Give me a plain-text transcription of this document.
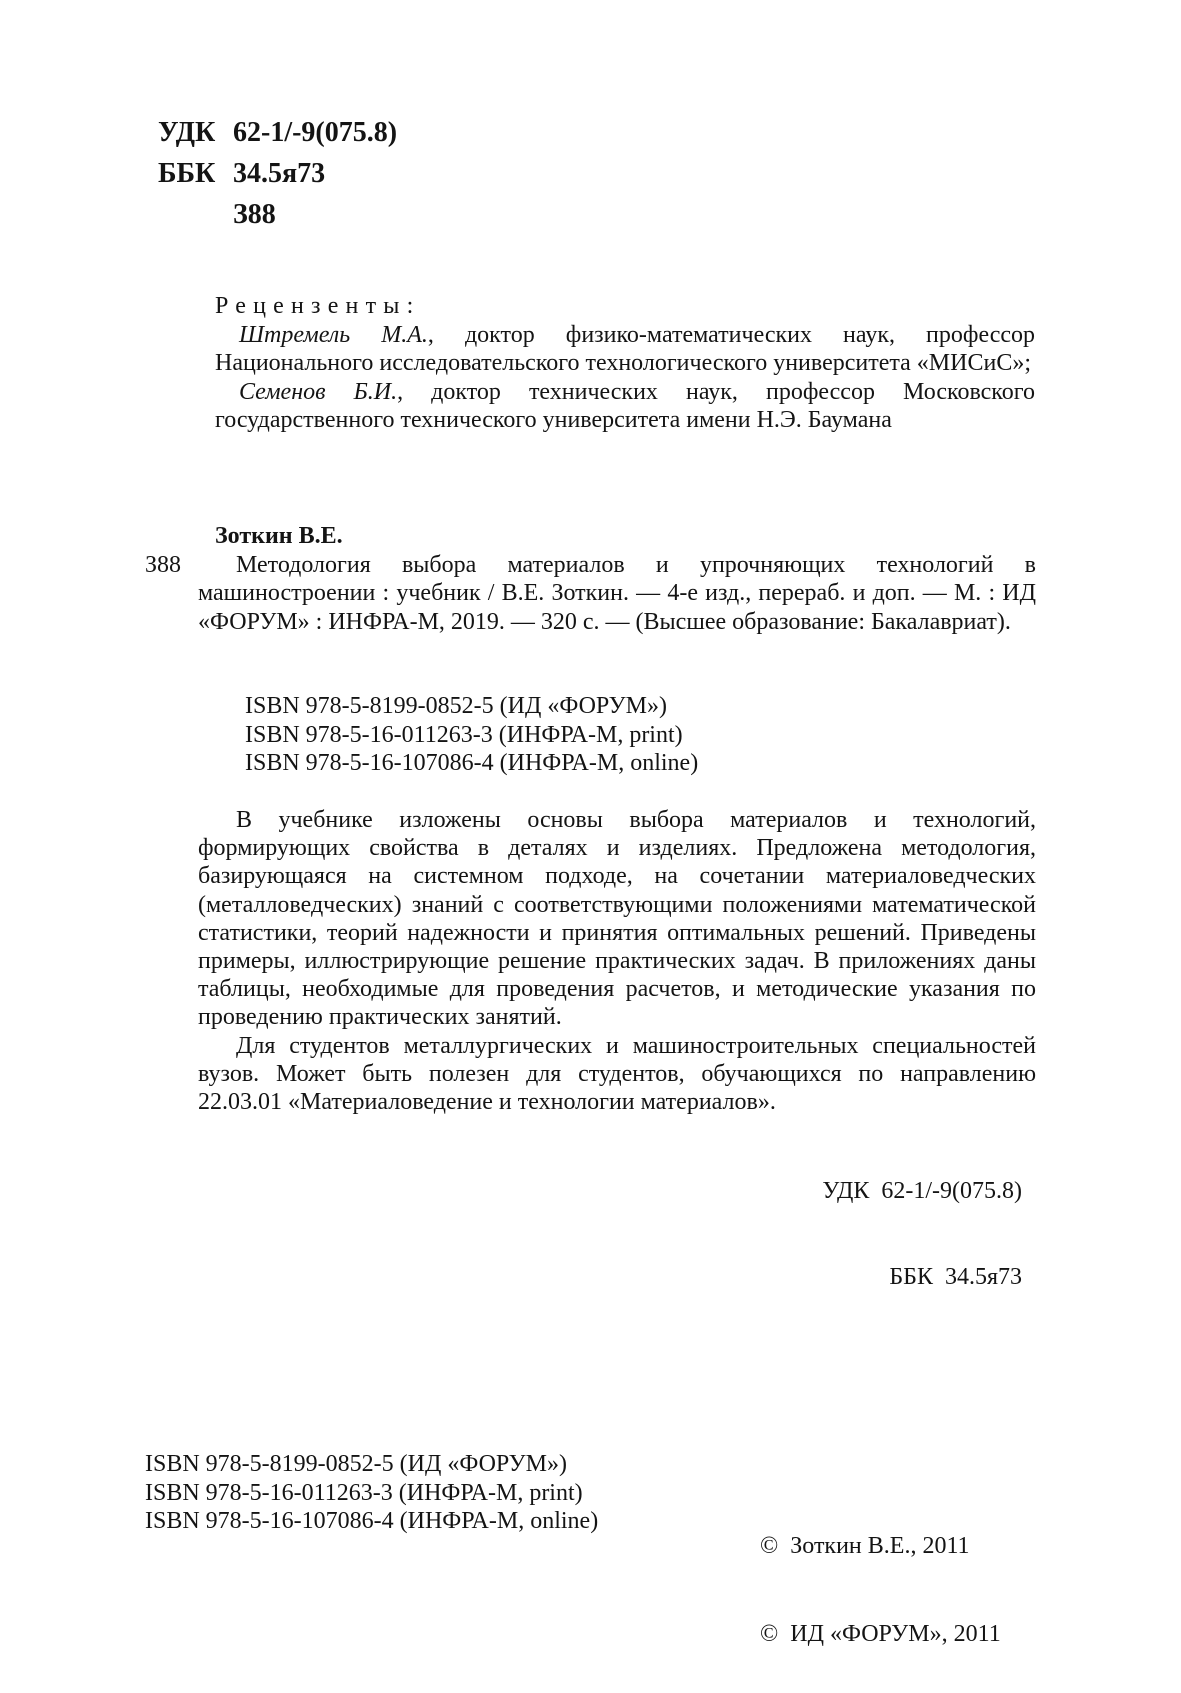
УДК 62-1/-9(075.8)
ББК 34.5я73
З88
Рецензенты:

Штремель М.А., доктор физико-математических наук, профессор Национального исследовательского технологического университета «МИСиС»;

Семенов Б.И., доктор технических наук, профессор Московского государственного технического университета имени Н.Э. Баумана

Зоткин В.Е.
З88	Методология выбора материалов и упрочняющих технологий в машиностроении : учебник / В.Е. Зоткин. — 4-е изд., перераб. и доп. — М. : ИД «ФОРУМ» : ИНФРА-М, 2019. — 320 с. — (Высшее образование: Бакалавриат).

ISBN 978-5-8199-0852-5 (ИД «ФОРУМ»)
ISBN 978-5-16-011263-3 (ИНФРА-М, print)
ISBN 978-5-16-107086-4 (ИНФРА-М, online)

В учебнике изложены основы выбора материалов и технологий, формирующих свойства в деталях и изделиях. Предложена методология, базирующаяся на системном подходе, на сочетании материаловедческих (металловедческих) знаний с соответствующими положениями математической статистики, теорий надежности и принятия оптимальных решений. Приведены примеры, иллюстрирующие решение практических задач. В приложениях даны таблицы, необходимые для проведения расчетов, и методические указания по проведению практических занятий.

Для студентов металлургических и машиностроительных специальностей вузов. Может быть полезен для студентов, обучающихся по направлению 22.03.01 «Материаловедение и технологии материалов».

УДК  62-1/-9(075.8)

ББК  34.5я73

ISBN 978-5-8199-0852-5 (ИД «ФОРУМ»)
ISBN 978-5-16-011263-3 (ИНФРА-М, print)
ISBN 978-5-16-107086-4 (ИНФРА-М, online)

©  Зоткин В.Е., 2011

©  ИД «ФОРУМ», 2011
